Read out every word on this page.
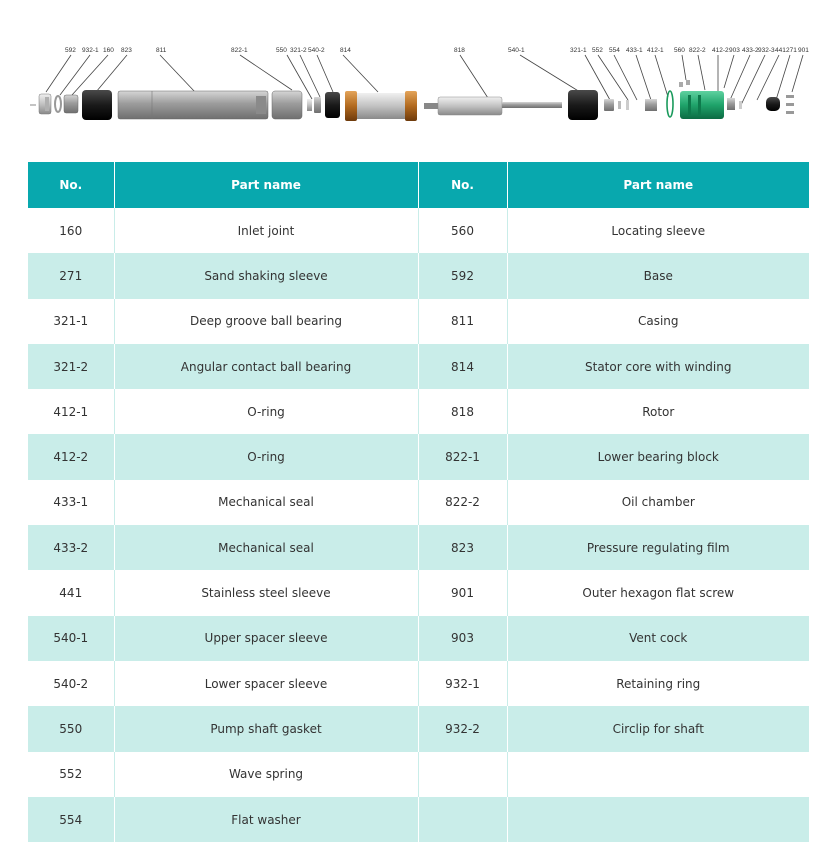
592 932-1 160 823	811	822-1	550 321-2 540-2 814	818	540-1	321-1 552 554 433-1 412-1 560 822-2 412-2 903 433-2 932-3 441 271 901
No.	Part name	No.	Part name
160	Inlet joint	560	Locating sleeve
271	Sand shaking sleeve	592	Base
321-1	Deep groove ball bearing	811	Casing
321-2	Angular contact ball bearing	814	Stator core with winding
412-1	O-ring	818	Rotor
412-2	O-ring	822-1	Lower bearing block
433-1	Mechanical seal	822-2	Oil chamber
433-2	Mechanical seal	823	Pressure regulating film
441	Stainless steel sleeve	901	Outer hexagon flat screw
540-1	Upper spacer sleeve	903	Vent cock
540-2	Lower spacer sleeve	932-1	Retaining ring
550	Pump shaft gasket	932-2	Circlip for shaft
552	Wave spring		
554	Flat washer		
